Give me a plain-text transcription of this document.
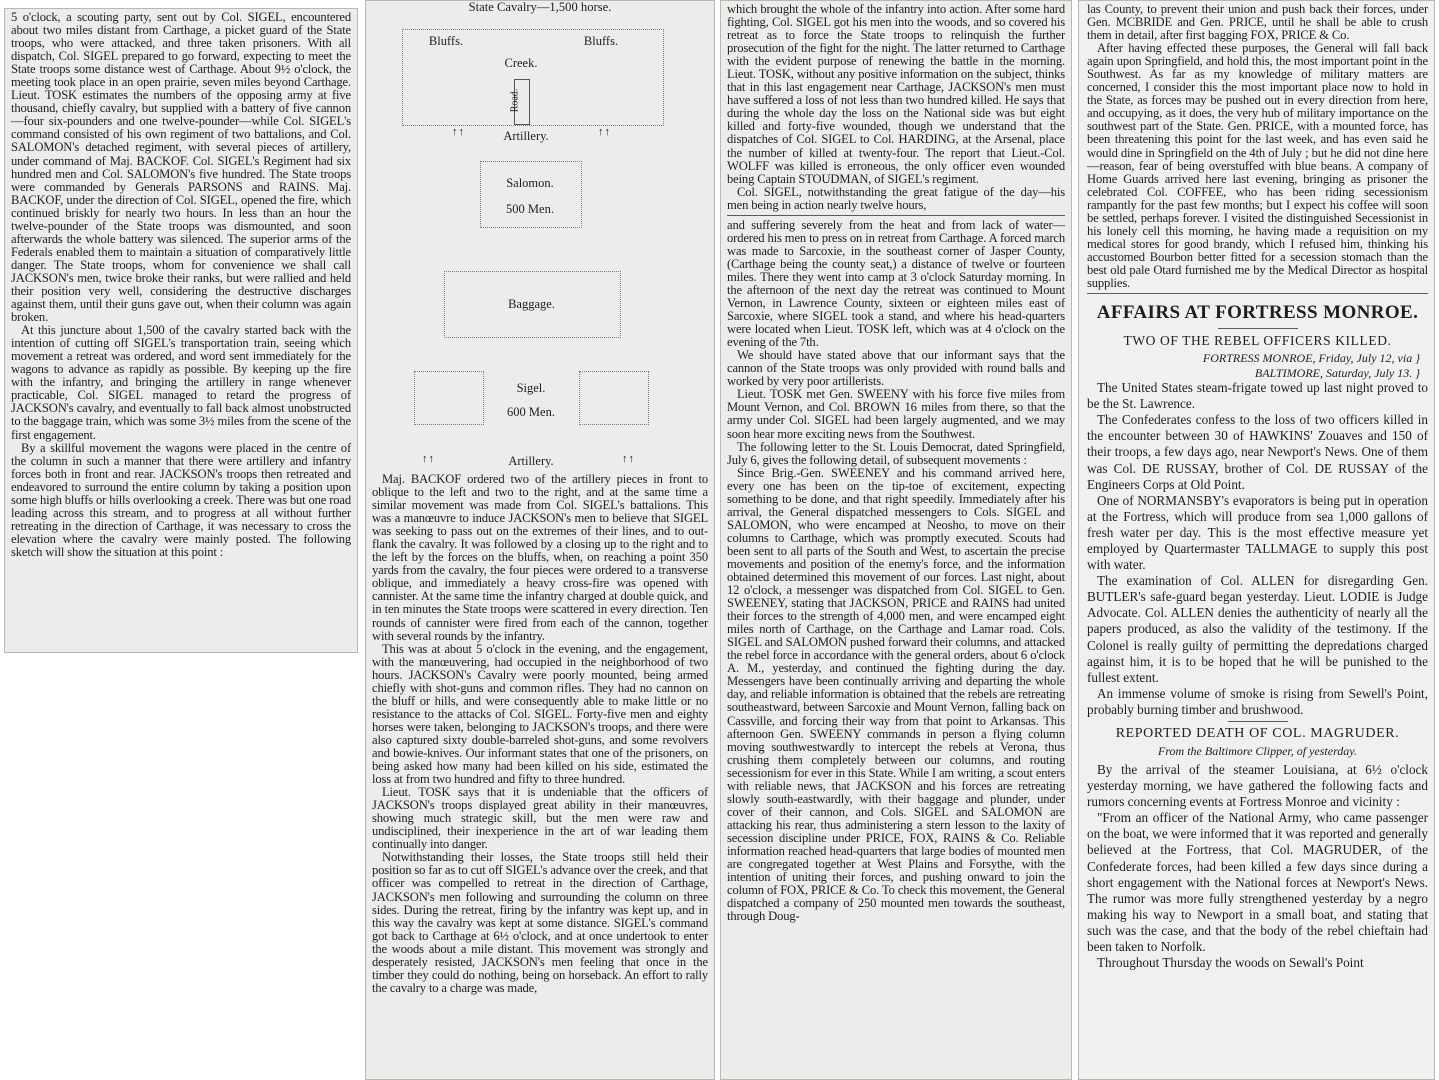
5 o'clock, a scouting party, sent out by Col. SIGEL, encountered about two miles distant from Carthage, a picket guard of the State troops, who were attacked, and three taken prisoners. With all dispatch, Col. SIGEL prepared to go forward, expecting to meet the State troops some distance west of Carthage. About 9½ o'clock, the meeting took place in an open prairie, seven miles beyond Carthage. Lieut. TOSK estimates the numbers of the opposing army at five thousand, chiefly cavalry, but supplied with a battery of five cannon—four six-pounders and one twelve-pounder—while Col. SIGEL's command consisted of his own regiment of two battalions, and Col. SALOMON's detached regiment, with several pieces of artillery, under command of Maj. BACKOF. Col. SIGEL's Regiment had six hundred men and Col. SALOMON's five hundred. The State troops were commanded by Generals PARSONS and RAINS. Maj. BACKOF, under the direction of Col. SIGEL, opened the fire, which continued briskly for nearly two hours. In less than an hour the twelve-pounder of the State troops was dismounted, and soon afterwards the whole battery was silenced. The superior arms of the Federals enabled them to maintain a situation of comparatively little danger. The State troops, whom for convenience we shall call JACKSON's men, twice broke their ranks, but were rallied and held their position very well, considering the destructive discharges against them, until their guns gave out, when their column was again broken.

At this juncture about 1,500 of the cavalry started back with the intention of cutting off SIGEL's transportation train, seeing which movement a retreat was ordered, and word sent immediately for the wagons to advance as rapidly as possible. By keeping up the fire with the infantry, and bringing the artillery in range whenever practicable, Col. SIGEL managed to retard the progress of JACKSON's cavalry, and eventually to fall back almost unobstructed to the baggage train, which was some 3½ miles from the scene of the first engagement.

By a skillful movement the wagons were placed in the centre of the column in such a manner that there were artillery and infantry forces both in front and rear. JACKSON's troops then retreated and endeavored to surround the entire column by taking a position upon some high bluffs or hills overlooking a creek. There was but one road leading across this stream, and to progress at all without further retreating in the direction of Carthage, it was necessary to cross the elevation where the cavalry were mainly posted. The following sketch will show the situation at this point :

State Cavalry—1,500 horse.
Bluffs.	Bluffs.
Creek.
Road.
↑↑	Artillery.	↑↑
Salomon.
500 Men.
Baggage.
Sigel.
600 Men.
↑↑	Artillery.	↑↑

Maj. BACKOF ordered two of the artillery pieces in front to oblique to the left and two to the right, and at the same time a similar movement was made from Col. SIGEL's battalions. This was a manœuvre to induce JACKSON's men to believe that SIGEL was seeking to pass out on the extremes of their lines, and to out-flank the cavalry. It was followed by a closing up to the right and to the left by the forces on the bluffs, when, on reaching a point 350 yards from the cavalry, the four pieces were ordered to a transverse oblique, and immediately a heavy cross-fire was opened with cannister. At the same time the infantry charged at double quick, and in ten minutes the State troops were scattered in every direction. Ten rounds of cannister were fired from each of the cannon, together with several rounds by the infantry.

This was at about 5 o'clock in the evening, and the engagement, with the manœuvering, had occupied in the neighborhood of two hours. JACKSON's Cavalry were poorly mounted, being armed chiefly with shot-guns and common rifles. They had no cannon on the bluff or hills, and were consequently able to make little or no resistance to the attacks of Col. SIGEL. Forty-five men and eighty horses were taken, belonging to JACKSON's troops, and there were also captured sixty double-barreled shot-guns, and some revolvers and bowie-knives. Our informant states that one of the prisoners, on being asked how many had been killed on his side, estimated the loss at from two hundred and fifty to three hundred.

Lieut. TOSK says that it is undeniable that the officers of JACKSON's troops displayed great ability in their manœuvres, showing much strategic skill, but the men were raw and undisciplined, their inexperience in the art of war leading them continually into danger.

Notwithstanding their losses, the State troops still held their position so far as to cut off SIGEL's advance over the creek, and that officer was compelled to retreat in the direction of Carthage, JACKSON's men following and surrounding the column on three sides. During the retreat, firing by the infantry was kept up, and in this way the cavalry was kept at some distance. SIGEL's command got back to Carthage at 6½ o'clock, and at once undertook to enter the woods about a mile distant. This movement was strongly and desperately resisted, JACKSON's men feeling that once in the timber they could do nothing, being on horseback. An effort to rally the cavalry to a charge was made,

which brought the whole of the infantry into action. After some hard fighting, Col. SIGEL got his men into the woods, and so covered his retreat as to force the State troops to relinquish the further prosecution of the fight for the night. The latter returned to Carthage with the evident purpose of renewing the battle in the morning. Lieut. TOSK, without any positive information on the subject, thinks that in this last engagement near Carthage, JACKSON's men must have suffered a loss of not less than two hundred killed. He says that during the whole day the loss on the National side was but eight killed and forty-five wounded, though we understand that the dispatches of Col. SIGEL to Col. HARDING, at the Arsenal, place the number of killed at twenty-four. The report that Lieut.-Col. WOLFF was killed is erroneous, the only officer even wounded being Captain STOUDMAN, of SIGEL's regiment.

Col. SIGEL, notwithstanding the great fatigue of the day—his men being in action nearly twelve hours,

and suffering severely from the heat and from lack of water—ordered his men to press on in retreat from Carthage. A forced march was made to Sarcoxie, in the southeast corner of Jasper County, (Carthage being the county seat,) a distance of twelve or fourteen miles. There they went into camp at 3 o'clock Saturday morning. In the afternoon of the next day the retreat was continued to Mount Vernon, in Lawrence County, sixteen or eighteen miles east of Sarcoxie, where SIGEL took a stand, and where his head-quarters were located when Lieut. TOSK left, which was at 4 o'clock on the evening of the 7th.

We should have stated above that our informant says that the cannon of the State troops was only provided with round balls and worked by very poor artillerists.

Lieut. TOSK met Gen. SWEENY with his force five miles from Mount Vernon, and Col. BROWN 16 miles from there, so that the army under Col. SIGEL had been largely augmented, and we may soon hear more exciting news from the Southwest.

The following letter to the St. Louis Democrat, dated Springfield, July 6, gives the following detail, of subsequent movements :

Since Brig.-Gen. SWEENEY and his command arrived here, every one has been on the tip-toe of excitement, expecting something to be done, and that right speedily. Immediately after his arrival, the General dispatched messengers to Cols. SIGEL and SALOMON, who were encamped at Neosho, to move on their columns to Carthage, which was promptly executed. Scouts had been sent to all parts of the South and West, to ascertain the precise movements and position of the enemy's force, and the information obtained determined this movement of our forces. Last night, about 12 o'clock, a messenger was dispatched from Col. SIGEL to Gen. SWEENEY, stating that JACKSON, PRICE and RAINS had united their forces to the strength of 4,000 men, and were encamped eight miles north of Carthage, on the Carthage and Lamar road. Cols. SIGEL and SALOMON pushed forward their columns, and attacked the rebel force in accordance with the general orders, about 6 o'clock A. M., yesterday, and continued the fighting during the day. Messengers have been continually arriving and departing the whole day, and reliable information is obtained that the rebels are retreating southeastward, between Sarcoxie and Mount Vernon, falling back on Cassville, and forcing their way from that point to Arkansas. This afternoon Gen. SWEENY commands in person a flying column moving southwestwardly to intercept the rebels at Verona, thus crushing them completely between our columns, and routing secessionism for ever in this State. While I am writing, a scout enters with reliable news, that JACKSON and his forces are retreating slowly south-eastwardly, with their baggage and plunder, under cover of their cannon, and Cols. SIGEL and SALOMON are attacking his rear, thus administering a stern lesson to the laxity of secession discipline under PRICE, FOX, RAINS & Co. Reliable information reached head-quarters that large bodies of mounted men are congregated together at West Plains and Forsythe, with the intention of uniting their forces, and pushing onward to join the column of FOX, PRICE & Co. To check this movement, the General dispatched a company of 250 mounted men towards the southeast, through Doug-

las County, to prevent their union and push back their forces, under Gen. MCBRIDE and Gen. PRICE, until he shall be able to crush them in detail, after first bagging FOX, PRICE & Co.

After having effected these purposes, the General will fall back again upon Springfield, and hold this, the most important point in the Southwest. As far as my knowledge of military matters are concerned, I consider this the most important place now to hold in the State, as forces may be pushed out in every direction from here, and occupying, as it does, the very hub of military importance on the southwest part of the State. Gen. PRICE, with a mounted force, has been threatening this point for the last week, and has even said he would dine in Springfield on the 4th of July ; but he did not dine here—reason, fear of being overstuffed with blue beans. A company of Home Guards arrived here last evening, bringing as prisoner the celebrated Col. COFFEE, who has been riding secessionism rampantly for the past few months; but I expect his coffee will soon be settled, perhaps forever. I visited the distinguished Secessionist in his lonely cell this morning, he having made a requisition on my medical stores for good brandy, which I refused him, thinking his accustomed Bourbon better fitted for a secession stomach than the best old pale Otard furnished me by the Medical Director as hospital supplies.

AFFAIRS AT FORTRESS MONROE.
TWO OF THE REBEL OFFICERS KILLED.
FORTRESS MONROE, Friday, July 12, via }
BALTIMORE, Saturday, July 13. }

The United States steam-frigate towed up last night proved to be the St. Lawrence.

The Confederates confess to the loss of two officers killed in the encounter between 30 of HAWKINS' Zouaves and 150 of their troops, a few days ago, near Newport's News. One of them was Col. DE RUSSAY, brother of Col. DE RUSSAY of the Engineers Corps at Old Point.

One of NORMANSBY's evaporators is being put in operation at the Fortress, which will produce from sea 1,000 gallons of fresh water per day. This is the most effective measure yet employed by Quartermaster TALLMAGE to supply this post with water.

The examination of Col. ALLEN for disregarding Gen. BUTLER's safe-guard began yesterday. Lieut. LODIE is Judge Advocate. Col. ALLEN denies the authenticity of nearly all the papers produced, as also the validity of the testimony. If the Colonel is really guilty of permitting the depredations charged against him, it is to be hoped that he will be punished to the fullest extent.

An immense volume of smoke is rising from Sewell's Point, probably burning timber and brushwood.

REPORTED DEATH OF COL. MAGRUDER.
From the Baltimore Clipper, of yesterday.

By the arrival of the steamer Louisiana, at 6½ o'clock yesterday morning, we have gathered the following facts and rumors concerning events at Fortress Monroe and vicinity :

"From an officer of the National Army, who came passenger on the boat, we were informed that it was reported and generally believed at the Fortress, that Col. MAGRUDER, of the Confederate forces, had been killed a few days since during a short engagement with the National forces at Newport's News. The rumor was more fully strengthened yesterday by a negro making his way to Newport in a small boat, and stating that such was the case, and that the body of the rebel chieftain had been taken to Norfolk.

Throughout Thursday the woods on Sewall's Point
